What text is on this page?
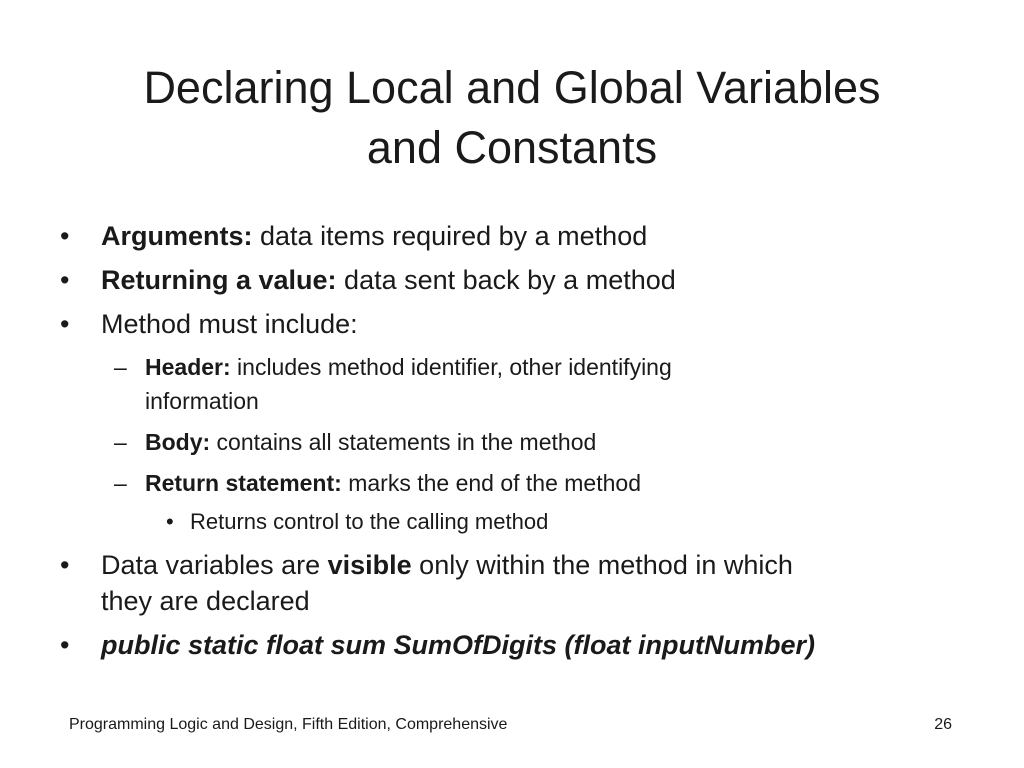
Declaring Local and Global Variables
and Constants
•	Arguments: data items required by a method
•	Returning a value: data sent back by a method
•	Method must include:
– Header: includes method identifier, other identifying
information
– Body: contains all statements in the method
– Return statement: marks the end of the method
• Returns control to the calling method
•	Data variables are visible only within the method in which
they are declared
•	public static float sum SumOfDigits (float inputNumber)
Programming Logic and Design, Fifth Edition, Comprehensive	26
